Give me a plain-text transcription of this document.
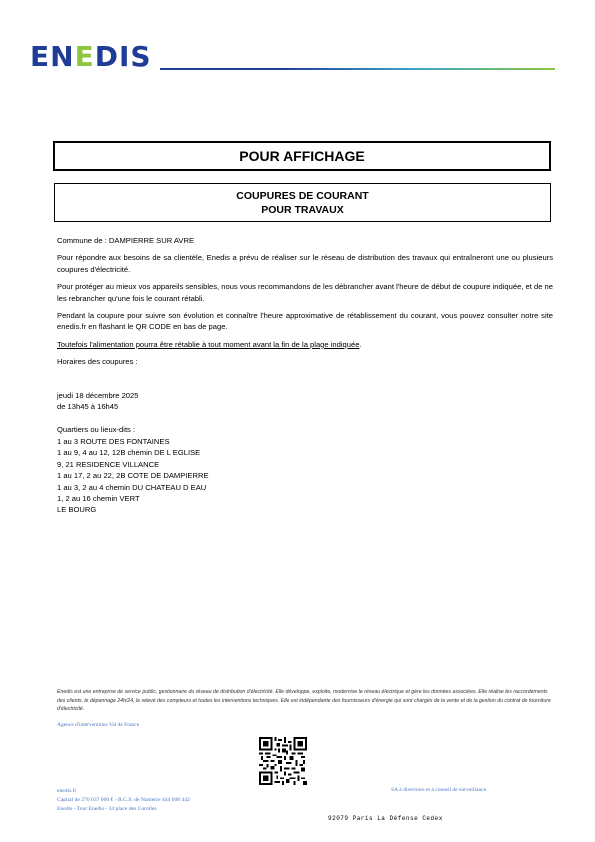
ENEDIS
POUR AFFICHAGE
COUPURES DE COURANT
POUR TRAVAUX

Commune de : DAMPIERRE SUR AVRE

Pour répondre aux besoins de sa clientèle, Enedis a prévu de réaliser sur le réseau de distribution des travaux qui entraîneront une ou plusieurs coupures d'électricité.

Pour protéger au mieux vos appareils sensibles, nous vous recommandons de les débrancher avant l'heure de début de coupure indiquée, et de ne les rebrancher qu'une fois le courant rétabli.

Pendant la coupure pour suivre son évolution et connaître l'heure approximative de rétablissement du courant, vous pouvez consulter notre site enedis.fr en flashant le QR CODE en bas de page.

Toutefois l'alimentation pourra être rétablie à tout moment avant la fin de la plage indiquée.

Horaires des coupures :

jeudi 18 décembre 2025
de 13h45 à 16h45
Quartiers ou lieux-dits :
1 au 3 ROUTE DES FONTAINES
1 au 9, 4 au 12, 12B chemin DE L EGLISE
9, 21 RESIDENCE VILLANCE
1 au 17, 2 au 22, 2B COTE DE DAMPIERRE
1 au 3, 2 au 4 chemin DU CHATEAU D EAU
1, 2 au 16 chemin VERT
LE BOURG
Enedis est une entreprise de service public, gestionnaire du réseau de distribution d'électricité. Elle développe, exploite, modernise le réseau électrique et gère les données associées. Elle réalise les raccordements des clients, le dépannage 24h/24, le relevé des compteurs et toutes les interventions techniques. Elle est indépendante des fournisseurs d'énergie qui sont chargés de la vente et de la gestion du contrat de fourniture d'électricité.
Agence d'interventions Val de France
enedis.fr
Capital de 270 037 000 € - R.C.S. de Nanterre 444 608 442
Enedis - Tour Enedis - 34 place des Corolles
SA à directoire et à conseil de surveillance
92079 Paris La Défense Cedex
